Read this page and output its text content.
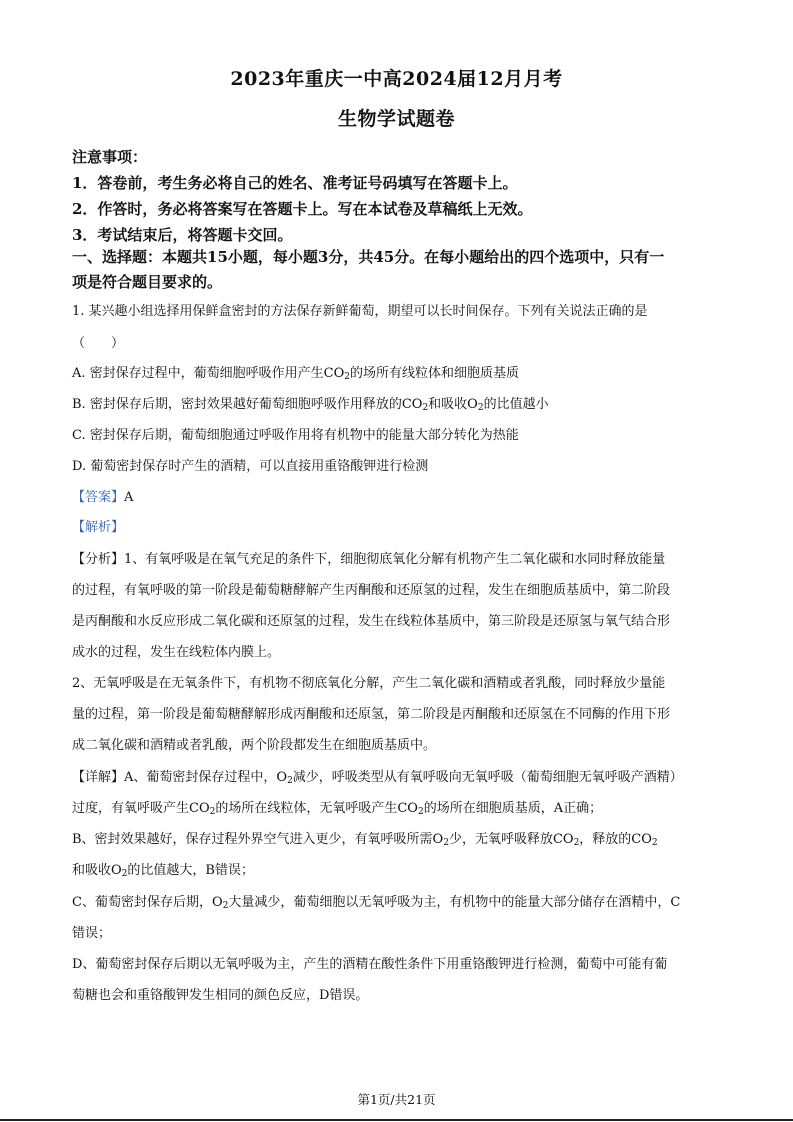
2023年重庆一中高2024届12月月考
生物学试题卷
注意事项：
1．答卷前，考生务必将自己的姓名、准考证号码填写在答题卡上。
2．作答时，务必将答案写在答题卡上。写在本试卷及草稿纸上无效。
3．考试结束后，将答题卡交回。
一、选择题：本题共15小题，每小题3分，共45分。在每小题给出的四个选项中，只有一
项是符合题目要求的。
1. 某兴趣小组选择用保鲜盒密封的方法保存新鲜葡萄，期望可以长时间保存。下列有关说法正确的是
（　　）
A. 密封保存过程中，葡萄细胞呼吸作用产生$CO_2$的场所有线粒体和细胞质基质
B. 密封保存后期，密封效果越好葡萄细胞呼吸作用释放的$CO_2$和吸收$O_2$的比值越小
C. 密封保存后期，葡萄细胞通过呼吸作用将有机物中的能量大部分转化为热能
D. 葡萄密封保存时产生的酒精，可以直接用重铬酸钾进行检测
【答案】A
【解析】
【分析】1、有氧呼吸是在氧气充足的条件下，细胞彻底氧化分解有机物产生二氧化碳和水同时释放能量
的过程，有氧呼吸的第一阶段是葡萄糖酵解产生丙酮酸和还原氢的过程，发生在细胞质基质中，第二阶段
是丙酮酸和水反应形成二氧化碳和还原氢的过程，发生在线粒体基质中，第三阶段是还原氢与氧气结合形
成水的过程，发生在线粒体内膜上。
2、无氧呼吸是在无氧条件下，有机物不彻底氧化分解，产生二氧化碳和酒精或者乳酸，同时释放少量能
量的过程，第一阶段是葡萄糖酵解形成丙酮酸和还原氢，第二阶段是丙酮酸和还原氢在不同酶的作用下形
成二氧化碳和酒精或者乳酸，两个阶段都发生在细胞质基质中。
【详解】A、葡萄密封保存过程中，$O_2$减少，呼吸类型从有氧呼吸向无氧呼吸（葡萄细胞无氧呼吸产酒精）
过度，有氧呼吸产生$CO_2$的场所在线粒体，无氧呼吸产生$CO_2$的场所在细胞质基质，A正确；
B、密封效果越好，保存过程外界空气进入更少，有氧呼吸所需$O_2$少，无氧呼吸释放$CO_2$，释放的$CO_2$
和吸收$O_2$的比值越大，B错误；
C、葡萄密封保存后期，$O_2$大量减少，葡萄细胞以无氧呼吸为主，有机物中的能量大部分储存在酒精中，C
错误；
D、葡萄密封保存后期以无氧呼吸为主，产生的酒精在酸性条件下用重铬酸钾进行检测，葡萄中可能有葡
萄糖也会和重铬酸钾发生相同的颜色反应，D错误。
第1页/共21页
